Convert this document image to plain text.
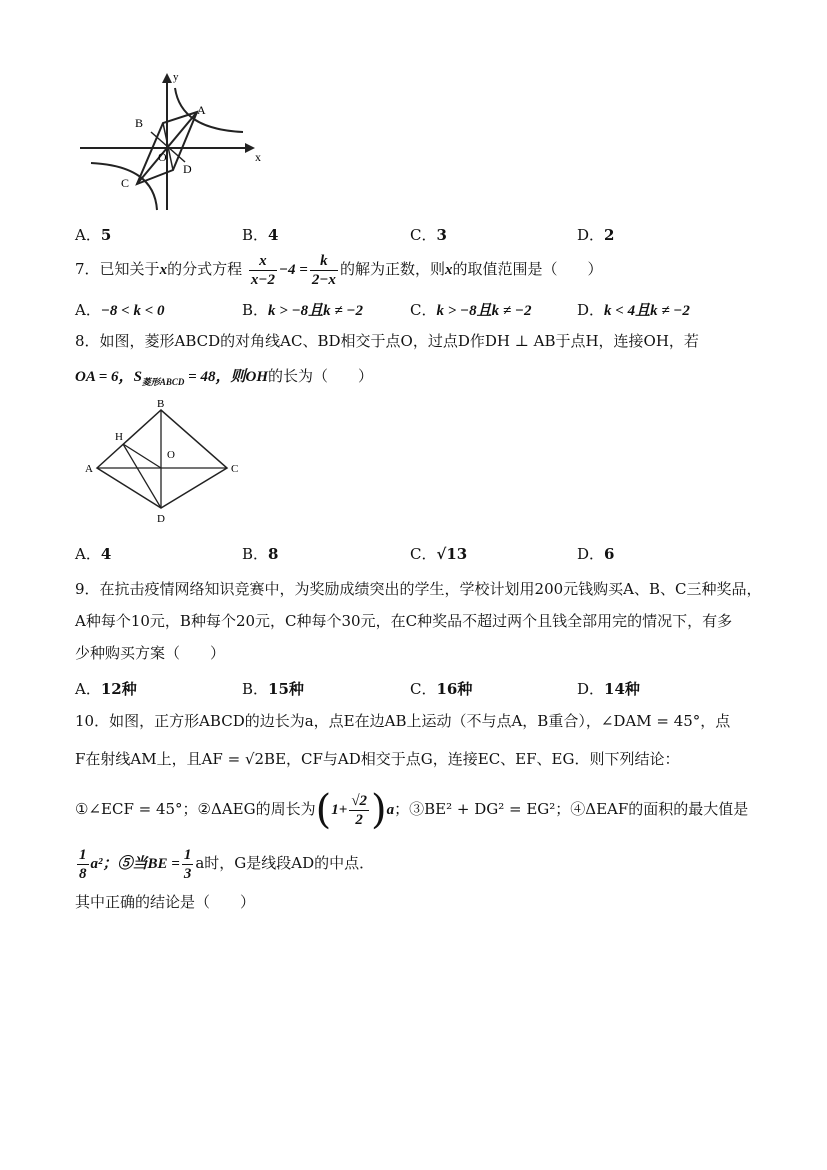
y
x
A
B
C
D
O
A．5	B．4	C．3	D．2
7．已知关于x的分式方程 $\frac{x}{x-2} -4 = \frac{k}{2-x}$ 的解为正数，则x的取值范围是（　　）
A．−8 < k < 0	B．k > −8且k ≠ −2	C．k > −8且k ≠ −2	D．k < 4且k ≠ −2
8．如图，菱形ABCD的对角线AC、BD相交于点O，过点D作DH ⊥ AB于点H，连接OH，若
OA = 6，$S_{菱形ABCD} = 48$，则OH的长为（　　）
A
B
C
D
H
O
A．4	B．8	C．√13	D．6
9．在抗击疫情网络知识竞赛中，为奖励成绩突出的学生，学校计划用200元钱购买A、B、C三种奖品，
A种每个10元，B种每个20元，C种每个30元，在C种奖品不超过两个且钱全部用完的情况下，有多
少种购买方案（　　）
A．12种	B．15种	C．16种	D．14种
10．如图，正方形ABCD的边长为a，点E在边AB上运动（不与点A，B重合），∠DAM = 45°，点
F在射线AM上，且AF = √2BE，CF与AD相交于点G，连接EC、EF、EG．则下列结论：
①∠ECF = 45°；②ΔAEG的周长为$(1+ \frac{√2}{2} )a$；③BE² + DG² = EG²；④ΔEAF的面积的最大值是
$\frac{1}{8} a^2$；⑤当BE = $\frac{1}{3}$ a时，G是线段AD的中点．
其中正确的结论是（　　）
